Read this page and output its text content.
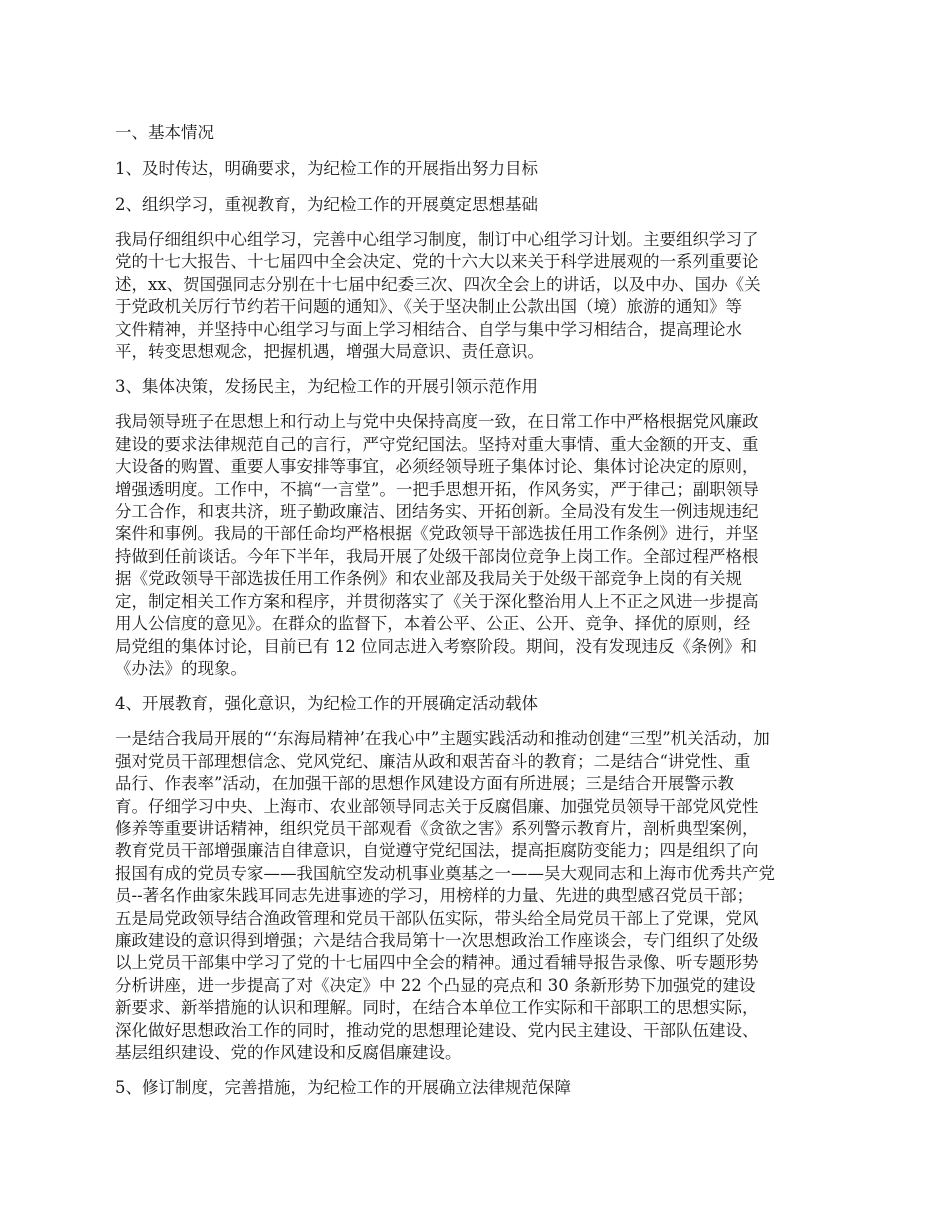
一、基本情况
1、及时传达，明确要求，为纪检工作的开展指出努力目标
2、组织学习，重视教育，为纪检工作的开展奠定思想基础
我局仔细组织中心组学习，完善中心组学习制度，制订中心组学习计划。主要组织学习了
党的十七大报告、十七届四中全会决定、党的十六大以来关于科学进展观的一系列重要论
述，xx、贺国强同志分别在十七届中纪委三次、四次全会上的讲话，以及中办、国办《关
于党政机关厉行节约若干问题的通知》、《关于坚决制止公款出国（境）旅游的通知》等
文件精神，并坚持中心组学习与面上学习相结合、自学与集中学习相结合，提高理论水
平，转变思想观念，把握机遇，增强大局意识、责任意识。
3、集体决策，发扬民主，为纪检工作的开展引领示范作用
我局领导班子在思想上和行动上与党中央保持高度一致，在日常工作中严格根据党风廉政
建设的要求法律规范自己的言行，严守党纪国法。坚持对重大事情、重大金额的开支、重
大设备的购置、重要人事安排等事宜，必须经领导班子集体讨论、集体讨论决定的原则，
增强透明度。工作中，不搞“一言堂”。一把手思想开拓，作风务实，严于律己；副职领导
分工合作，和衷共济，班子勤政廉洁、团结务实、开拓创新。全局没有发生一例违规违纪
案件和事例。我局的干部任命均严格根据《党政领导干部选拔任用工作条例》进行，并坚
持做到任前谈话。今年下半年，我局开展了处级干部岗位竞争上岗工作。全部过程严格根
据《党政领导干部选拔任用工作条例》和农业部及我局关于处级干部竞争上岗的有关规
定，制定相关工作方案和程序，并贯彻落实了《关于深化整治用人上不正之风进一步提高
用人公信度的意见》。在群众的监督下，本着公平、公正、公开、竞争、择优的原则，经
局党组的集体讨论，目前已有 12 位同志进入考察阶段。期间，没有发现违反《条例》和
《办法》的现象。
4、开展教育，强化意识，为纪检工作的开展确定活动载体
一是结合我局开展的“‘东海局精神’在我心中”主题实践活动和推动创建“三型”机关活动，加
强对党员干部理想信念、党风党纪、廉洁从政和艰苦奋斗的教育；二是结合“讲党性、重
品行、作表率”活动，在加强干部的思想作风建设方面有所进展；三是结合开展警示教
育。仔细学习中央、上海市、农业部领导同志关于反腐倡廉、加强党员领导干部党风党性
修养等重要讲话精神，组织党员干部观看《贪欲之害》系列警示教育片，剖析典型案例，
教育党员干部增强廉洁自律意识，自觉遵守党纪国法，提高拒腐防变能力；四是组织了向
报国有成的党员专家——我国航空发动机事业奠基之一——吴大观同志和上海市优秀共产党
员--著名作曲家朱践耳同志先进事迹的学习，用榜样的力量、先进的典型感召党员干部；
五是局党政领导结合渔政管理和党员干部队伍实际，带头给全局党员干部上了党课，党风
廉政建设的意识得到增强；六是结合我局第十一次思想政治工作座谈会，专门组织了处级
以上党员干部集中学习了党的十七届四中全会的精神。通过看辅导报告录像、听专题形势
分析讲座，进一步提高了对《决定》中 22 个凸显的亮点和 30 条新形势下加强党的建设
新要求、新举措施的认识和理解。同时，在结合本单位工作实际和干部职工的思想实际，
深化做好思想政治工作的同时，推动党的思想理论建设、党内民主建设、干部队伍建设、
基层组织建设、党的作风建设和反腐倡廉建设。
5、修订制度，完善措施，为纪检工作的开展确立法律规范保障
